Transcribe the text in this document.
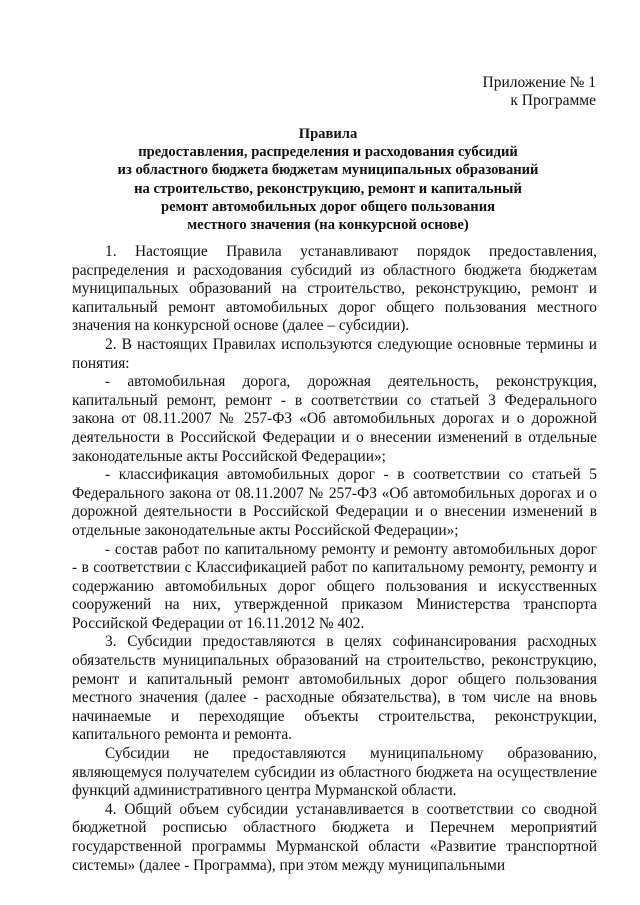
Приложение № 1
к Программе
Правила
предоставления, распределения и расходования субсидий
из областного бюджета бюджетам муниципальных образований
на строительство, реконструкцию, ремонт и капитальный
ремонт автомобильных дорог общего пользования
местного значения (на конкурсной основе)

1. Настоящие Правила устанавливают порядок предоставления, распределения и расходования субсидий из областного бюджета бюджетам муниципальных образований на строительство, реконструкцию, ремонт и капитальный ремонт автомобильных дорог общего пользования местного значения на конкурсной основе (далее – субсидии).

2. В настоящих Правилах используются следующие основные термины и понятия:

- автомобильная дорога, дорожная деятельность, реконструкция, капитальный ремонт, ремонт - в соответствии со статьей 3 Федерального закона от 08.11.2007 № 257-ФЗ «Об автомобильных дорогах и о дорожной деятельности в Российской Федерации и о внесении изменений в отдельные законодательные акты Российской Федерации»;

- классификация автомобильных дорог - в соответствии со статьей 5 Федерального закона от 08.11.2007 № 257-ФЗ «Об автомобильных дорогах и о дорожной деятельности в Российской Федерации и о внесении изменений в отдельные законодательные акты Российской Федерации»;

- состав работ по капитальному ремонту и ремонту автомобильных дорог - в соответствии с Классификацией работ по капитальному ремонту, ремонту и содержанию автомобильных дорог общего пользования и искусственных сооружений на них, утвержденной приказом Министерства транспорта Российской Федерации от 16.11.2012 № 402.

3. Субсидии предоставляются в целях софинансирования расходных обязательств муниципальных образований на строительство, реконструкцию, ремонт и капитальный ремонт автомобильных дорог общего пользования местного значения (далее - расходные обязательства), в том числе на вновь начинаемые и переходящие объекты строительства, реконструкции, капитального ремонта и ремонта.

Субсидии не предоставляются муниципальному образованию, являющемуся получателем субсидии из областного бюджета на осуществление функций административного центра Мурманской области.

4. Общий объем субсидии устанавливается в соответствии со сводной бюджетной росписью областного бюджета и Перечнем мероприятий государственной программы Мурманской области «Развитие транспортной системы» (далее - Программа), при этом между муниципальными
